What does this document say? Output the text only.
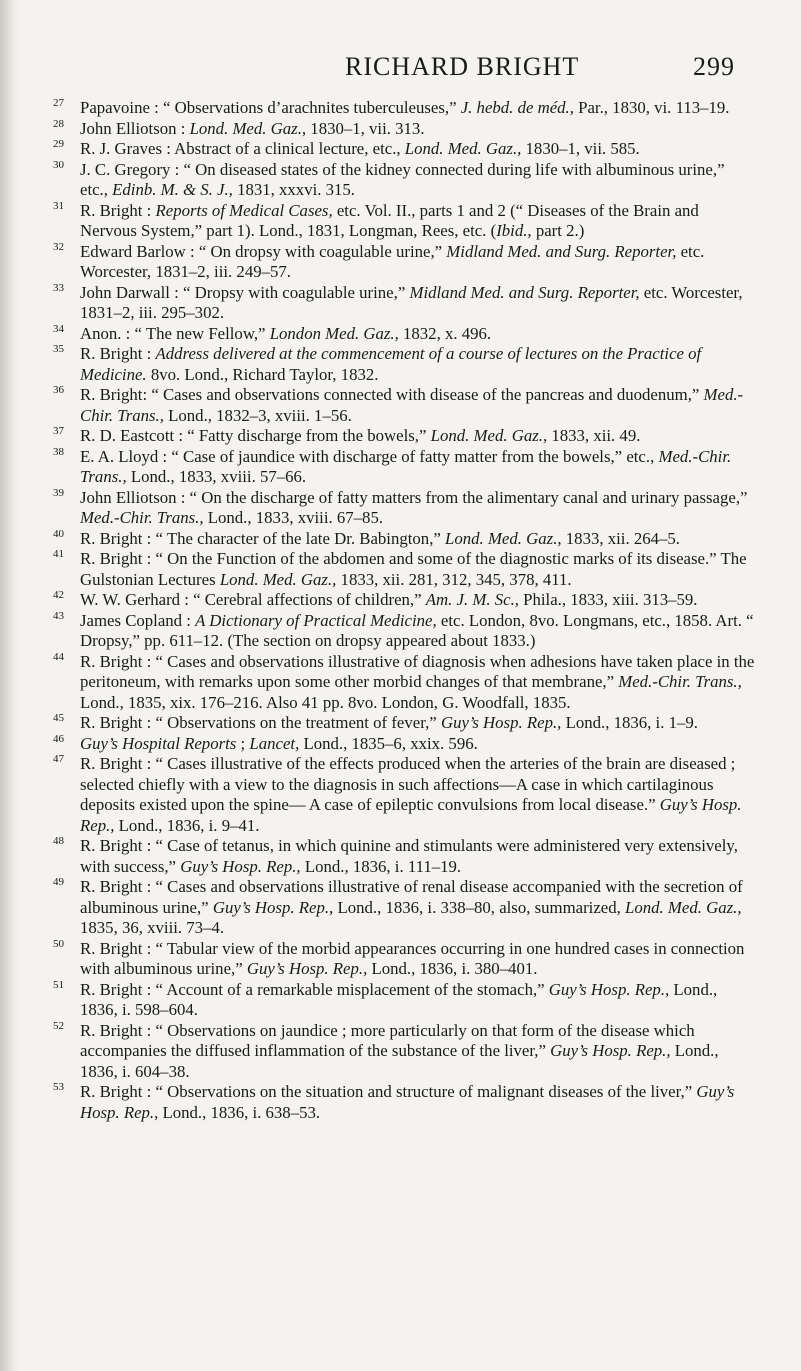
RICHARD BRIGHT	299

27 Papavoine : “ Observations d’arachnites tuberculeuses,” J. hebd. de méd., Par., 1830, vi. 113–19.

28 John Elliotson : Lond. Med. Gaz., 1830–1, vii. 313.

29 R. J. Graves : Abstract of a clinical lecture, etc., Lond. Med. Gaz., 1830–1, vii. 585.

30 J. C. Gregory : “ On diseased states of the kidney connected during life with albuminous urine,” etc., Edinb. M. & S. J., 1831, xxxvi. 315.

31 R. Bright : Reports of Medical Cases, etc. Vol. II., parts 1 and 2 (“ Diseases of the Brain and Nervous System,” part 1). Lond., 1831, Longman, Rees, etc. (Ibid., part 2.)

32 Edward Barlow : “ On dropsy with coagulable urine,” Midland Med. and Surg. Reporter, etc. Worcester, 1831–2, iii. 249–57.

33 John Darwall : “ Dropsy with coagulable urine,” Midland Med. and Surg. Reporter, etc. Worcester, 1831–2, iii. 295–302.

34 Anon. : “ The new Fellow,” London Med. Gaz., 1832, x. 496.

35 R. Bright : Address delivered at the commencement of a course of lectures on the Practice of Medicine. 8vo. Lond., Richard Taylor, 1832.

36 R. Bright: “ Cases and observations connected with disease of the pancreas and duodenum,” Med.-Chir. Trans., Lond., 1832–3, xviii. 1–56.

37 R. D. Eastcott : “ Fatty discharge from the bowels,” Lond. Med. Gaz., 1833, xii. 49.

38 E. A. Lloyd : “ Case of jaundice with discharge of fatty matter from the bowels,” etc., Med.-Chir. Trans., Lond., 1833, xviii. 57–66.

39 John Elliotson : “ On the discharge of fatty matters from the alimentary canal and urinary passage,” Med.-Chir. Trans., Lond., 1833, xviii. 67–85.

40 R. Bright : “ The character of the late Dr. Babington,” Lond. Med. Gaz., 1833, xii. 264–5.

41 R. Bright : “ On the Function of the abdomen and some of the diagnostic marks of its disease.” The Gulstonian Lectures Lond. Med. Gaz., 1833, xii. 281, 312, 345, 378, 411.

42 W. W. Gerhard : “ Cerebral affections of children,” Am. J. M. Sc., Phila., 1833, xiii. 313–59.

43 James Copland : A Dictionary of Practical Medicine, etc. London, 8vo. Longmans, etc., 1858. Art. “ Dropsy,” pp. 611–12. (The section on dropsy appeared about 1833.)

44 R. Bright : “ Cases and observations illustrative of diagnosis when adhesions have taken place in the peritoneum, with remarks upon some other morbid changes of that membrane,” Med.-Chir. Trans., Lond., 1835, xix. 176–216. Also 41 pp. 8vo. London, G. Woodfall, 1835.

45 R. Bright : “ Observations on the treatment of fever,” Guy’s Hosp. Rep., Lond., 1836, i. 1–9.

46 Guy’s Hospital Reports ; Lancet, Lond., 1835–6, xxix. 596.

47 R. Bright : “ Cases illustrative of the effects produced when the arteries of the brain are diseased ; selected chiefly with a view to the diagnosis in such affections—A case in which cartilaginous deposits existed upon the spine— A case of epileptic convulsions from local disease.” Guy’s Hosp. Rep., Lond., 1836, i. 9–41.

48 R. Bright : “ Case of tetanus, in which quinine and stimulants were administered very extensively, with success,” Guy’s Hosp. Rep., Lond., 1836, i. 111–19.

49 R. Bright : “ Cases and observations illustrative of renal disease accompanied with the secretion of albuminous urine,” Guy’s Hosp. Rep., Lond., 1836, i. 338–80, also, summarized, Lond. Med. Gaz., 1835, 36, xviii. 73–4.

50 R. Bright : “ Tabular view of the morbid appearances occurring in one hundred cases in connection with albuminous urine,” Guy’s Hosp. Rep., Lond., 1836, i. 380–401.

51 R. Bright : “ Account of a remarkable misplacement of the stomach,” Guy’s Hosp. Rep., Lond., 1836, i. 598–604.

52 R. Bright : “ Observations on jaundice ; more particularly on that form of the disease which accompanies the diffused inflammation of the substance of the liver,” Guy’s Hosp. Rep., Lond., 1836, i. 604–38.

53 R. Bright : “ Observations on the situation and structure of malignant diseases of the liver,” Guy’s Hosp. Rep., Lond., 1836, i. 638–53.
